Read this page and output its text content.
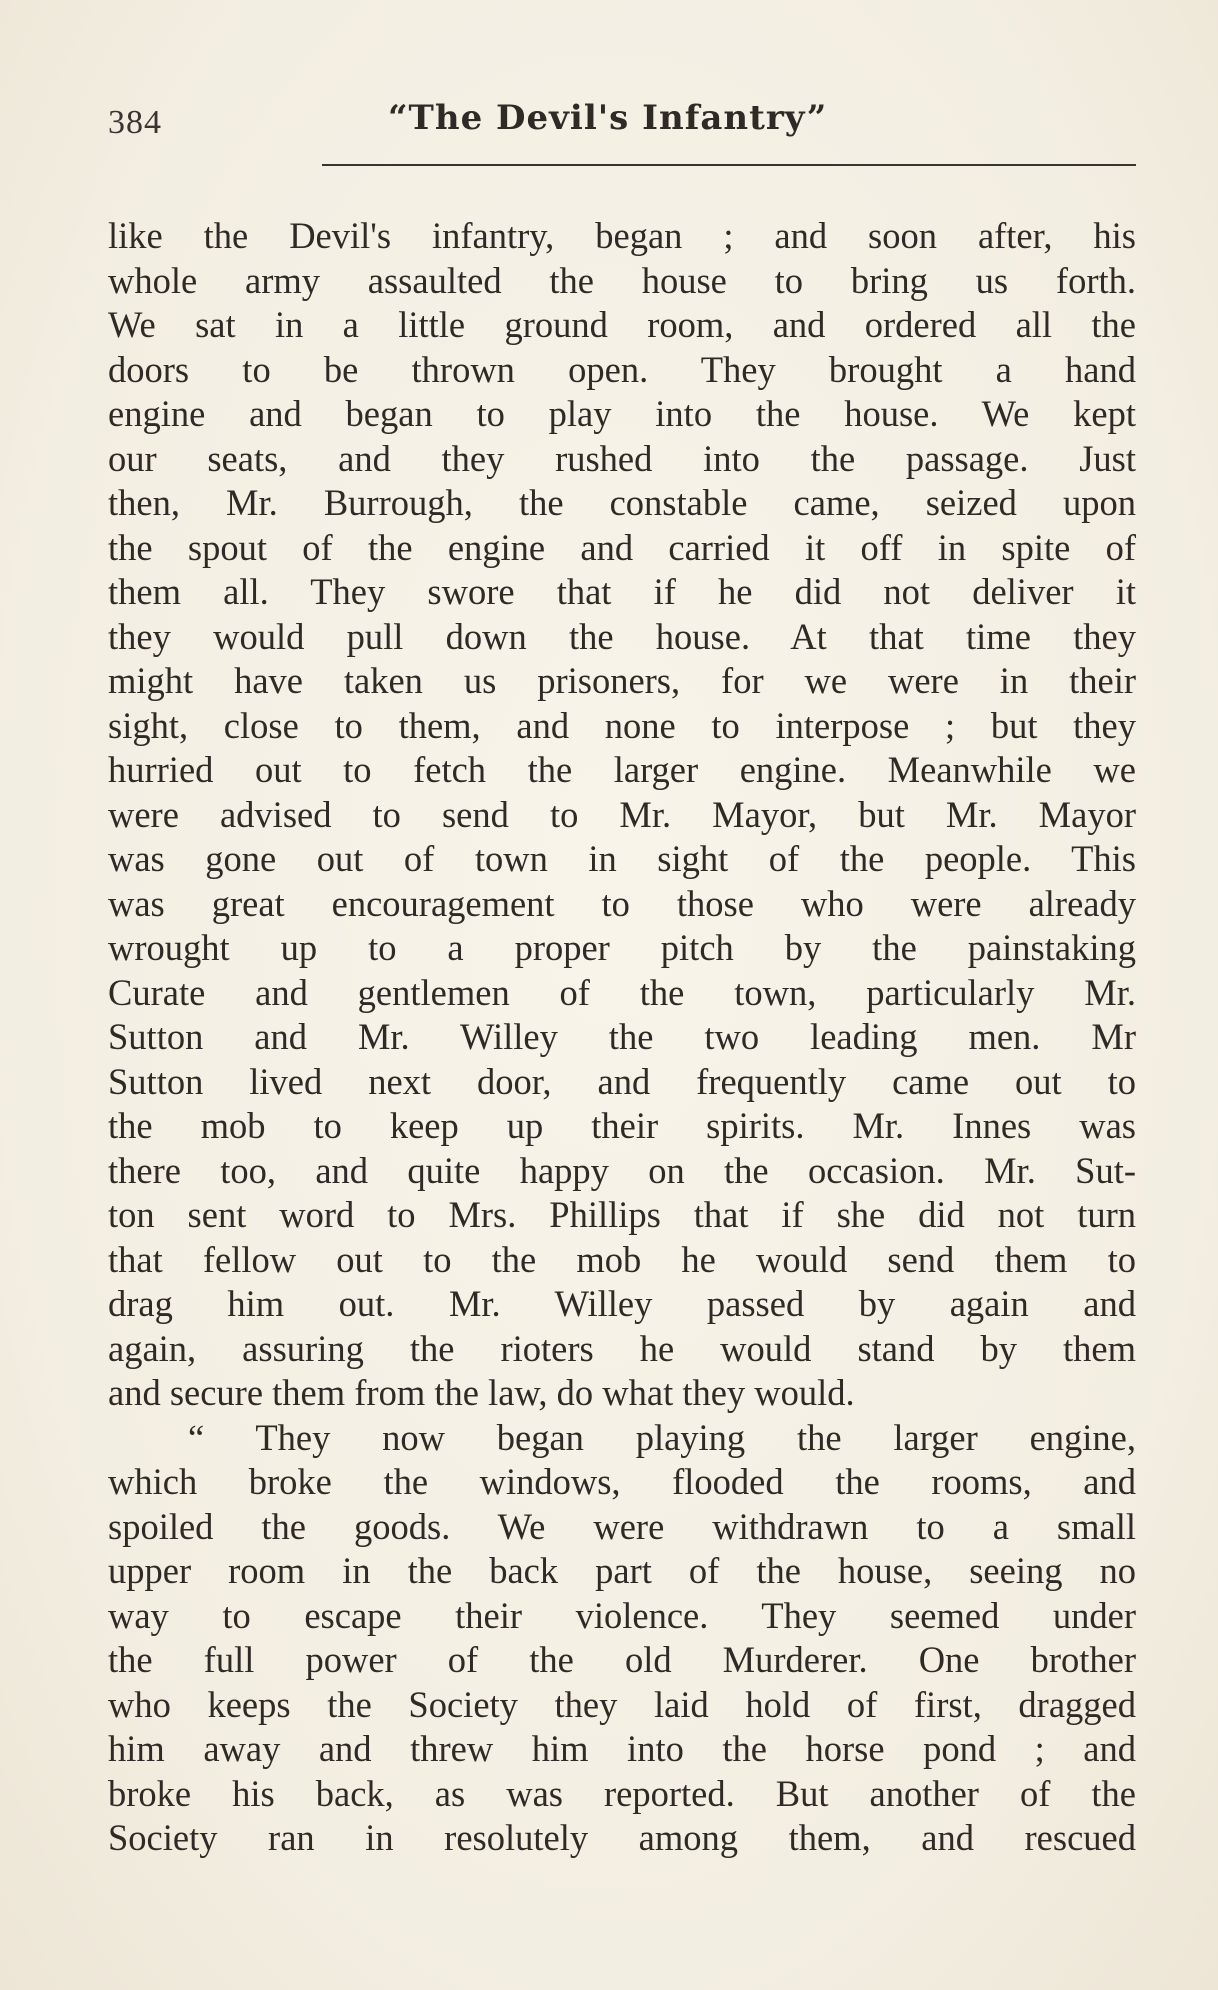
384	“The Devil's Infantry”
like the Devil's infantry, began ; and soon after, his
whole army assaulted the house to bring us forth.
We sat in a little ground room, and ordered all the
doors to be thrown open. They brought a hand
engine and began to play into the house. We kept
our seats, and they rushed into the passage. Just
then, Mr. Burrough, the constable came, seized upon
the spout of the engine and carried it off in spite of
them all. They swore that if he did not deliver it
they would pull down the house. At that time they
might have taken us prisoners, for we were in their
sight, close to them, and none to interpose ; but they
hurried out to fetch the larger engine. Meanwhile we
were advised to send to Mr. Mayor, but Mr. Mayor
was gone out of town in sight of the people. This
was great encouragement to those who were already
wrought up to a proper pitch by the painstaking
Curate and gentlemen of the town, particularly Mr.
Sutton and Mr. Willey the two leading men. Mr
Sutton lived next door, and frequently came out to
the mob to keep up their spirits. Mr. Innes was
there too, and quite happy on the occasion. Mr. Sut-
ton sent word to Mrs. Phillips that if she did not turn
that fellow out to the mob he would send them to
drag him out. Mr. Willey passed by again and
again, assuring the rioters he would stand by them
and secure them from the law, do what they would.
“ They now began playing the larger engine,
which broke the windows, flooded the rooms, and
spoiled the goods. We were withdrawn to a small
upper room in the back part of the house, seeing no
way to escape their violence. They seemed under
the full power of the old Murderer. One brother
who keeps the Society they laid hold of first, dragged
him away and threw him into the horse pond ; and
broke his back, as was reported. But another of the
Society ran in resolutely among them, and rescued
